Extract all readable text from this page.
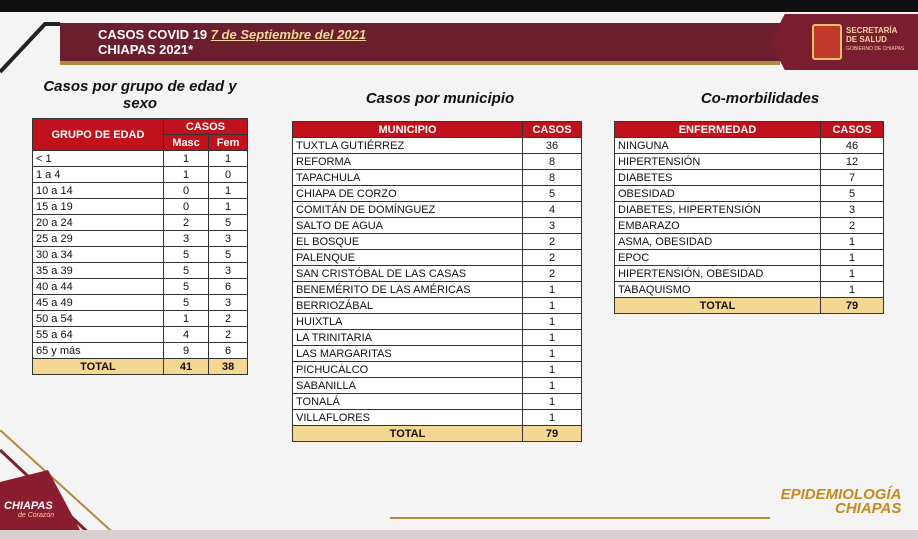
CASOS COVID 19 7 de Septiembre del 2021
CHIAPAS 2021*
SECRETARÍA
DE SALUD
GOBIERNO DE CHIAPAS
Casos por grupo de edad y
sexo
GRUPO DE EDAD	CASOS	
	Masc	Fem
< 1	1	1
1 a 4	1	0
10 a 14	0	1
15 a 19	0	1
20 a 24	2	5
25 a 29	3	3
30 a 34	5	5
35 a 39	5	3
40 a 44	5	6
45 a 49	5	3
50 a 54	1	2
55 a 64	4	2
65 y más	9	6
TOTAL	41	38
Casos por municipio
MUNICIPIO	CASOS
TUXTLA GUTIÉRREZ	36
REFORMA	8
TAPACHULA	8
CHIAPA DE CORZO	5
COMITÁN DE DOMÍNGUEZ	4
SALTO DE AGUA	3
EL BOSQUE	2
PALENQUE	2
SAN CRISTÓBAL DE LAS CASAS	2
BENEMÉRITO DE LAS AMÉRICAS	1
BERRIOZÁBAL	1
HUIXTLA	1
LA TRINITARIA	1
LAS MARGARITAS	1
PICHUCALCO	1
SABANILLA	1
TONALÁ	1
VILLAFLORES	1
TOTAL	79
Co-morbilidades
ENFERMEDAD	CASOS
NINGUNA	46
HIPERTENSIÓN	12
DIABETES	7
OBESIDAD	5
DIABETES, HIPERTENSIÓN	3
EMBARAZO	2
ASMA, OBESIDAD	1
EPOC	1
HIPERTENSIÓN, OBESIDAD	1
TABAQUISMO	1
TOTAL	79
CHIAPAS
de Corazón
EPIDEMIOLOGÍA
CHIAPAS
